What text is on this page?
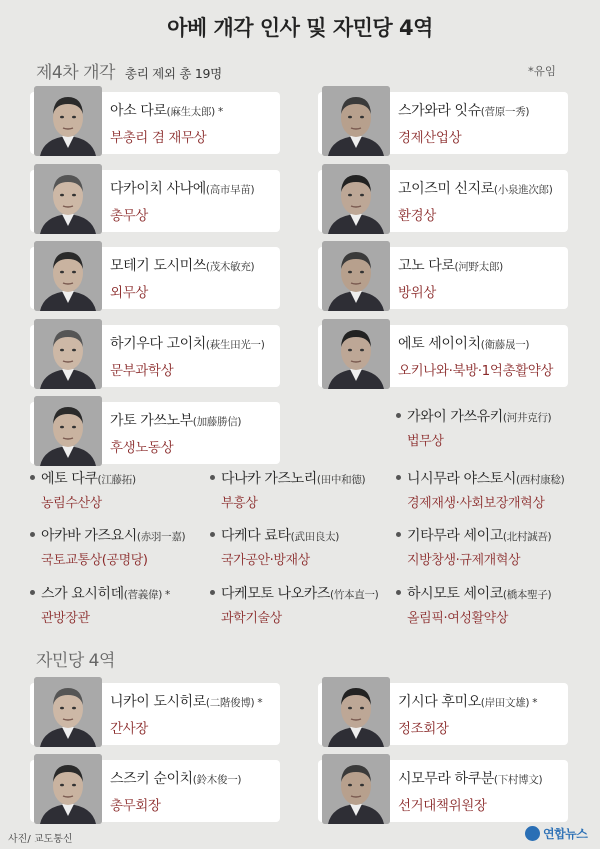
아베 개각 인사 및 자민당 4역
제4차 개각 총리 제외 총 19명	*유임
아소 다로(麻生太郎) *
부총리 겸 재무상
스가와라 잇슈(菅原一秀)
경제산업상
다카이치 사나에(高市早苗)
총무상
고이즈미 신지로(小泉進次郎)
환경상
모테기 도시미쓰(茂木敏充)
외무상
고노 다로(河野太郎)
방위상
하기우다 고이치(萩生田光一)
문부과학상
에토 세이이치(衛藤晟一)
오키나와·북방·1억총활약상
가토 가쓰노부(加藤勝信)
후생노동상
가와이 가쓰유키(河井克行)
법무상
에토 다쿠(江藤拓)
농림수산상
다나카 가즈노리(田中和德)
부흥상
니시무라 야스토시(西村康稔)
경제재생·사회보장개혁상
아카바 가즈요시(赤羽一嘉)
국토교통상(공명당)
다케다 료타(武田良太)
국가공안·방재상
기타무라 세이고(北村誠吾)
지방창생·규제개혁상
스가 요시히데(菅義偉) *
관방장관
다케모토 나오카즈(竹本直一)
과학기술상
하시모토 세이코(橋本聖子)
올림픽·여성활약상
자민당 4역
니카이 도시히로(二階俊博) *
간사장
기시다 후미오(岸田文雄) *
정조회장
스즈키 순이치(鈴木俊一)
총무회장
시모무라 하쿠분(下村博文)
선거대책위원장
사진/ 교도통신	연합뉴스
